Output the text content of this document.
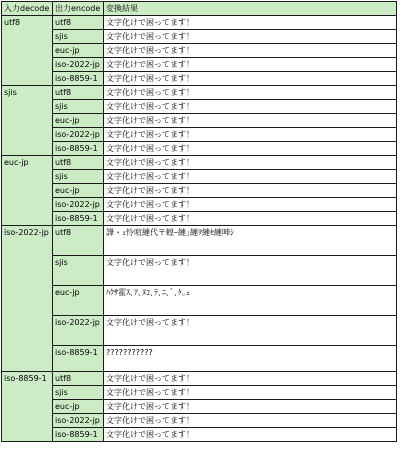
入力decode	出力encode	変換結果
utf8	utf8	文字化けで困ってます！
	sjis	文字化けで困ってます！
	euc-jp	文字化けで困ってます！
	iso-2022-jp	文字化けで困ってます！
	iso-8859-1	文字化けで困ってます！
sjis	utf8	文字化けで困ってます！
	sjis	文字化けで困ってます！
	euc-jp	文字化けで困ってます！
	iso-2022-jp	文字化けで困ってます！
	iso-8859-1	文字化けで困ってます！
euc-jp	utf8	文字化けで困ってます！
	sjis	文字化けで困ってます！
	euc-jp	文字化けで困ってます！
	iso-2022-jp	文字化けで困ってます！
	iso-8859-1	文字化けで困ってます！
iso-2022-jp	utf8	譁・ｭ怜喧縺代〒蝗ｰ縺｣縺ｦ縺ｾ縺呻ｼ
	sjis	文字化けで困ってます！
	euc-jp	ﾊｸｻ霍ｽ､ｱ､ﾇｺ､ﾃ､ﾆ､ﾞ､ｹ｡ｪ
	iso-2022-jp	文字化けで困ってます！
	iso-8859-1	???????????
iso-8859-1	utf8	文字化けで困ってます！
	sjis	文字化けで困ってます！
	euc-jp	文字化けで困ってます！
	iso-2022-jp	文字化けで困ってます！
	iso-8859-1	文字化けで困ってます！
